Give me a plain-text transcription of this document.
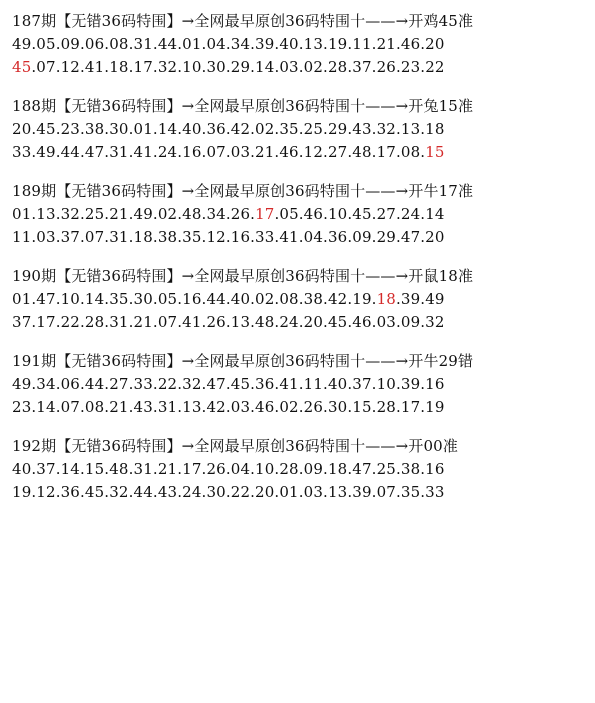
187期【无错36码特围】→全网最早原创36码特围十——→开鸡45准
49.05.09.06.08.31.44.01.04.34.39.40.13.19.11.21.46.20
45.07.12.41.18.17.32.10.30.29.14.03.02.28.37.26.23.22
188期【无错36码特围】→全网最早原创36码特围十——→开兔15准
20.45.23.38.30.01.14.40.36.42.02.35.25.29.43.32.13.18
33.49.44.47.31.41.24.16.07.03.21.46.12.27.48.17.08.15
189期【无错36码特围】→全网最早原创36码特围十——→开牛17准
01.13.32.25.21.49.02.48.34.26.17.05.46.10.45.27.24.14
11.03.37.07.31.18.38.35.12.16.33.41.04.36.09.29.47.20
190期【无错36码特围】→全网最早原创36码特围十——→开鼠18准
01.47.10.14.35.30.05.16.44.40.02.08.38.42.19.18.39.49
37.17.22.28.31.21.07.41.26.13.48.24.20.45.46.03.09.32
191期【无错36码特围】→全网最早原创36码特围十——→开牛29错
49.34.06.44.27.33.22.32.47.45.36.41.11.40.37.10.39.16
23.14.07.08.21.43.31.13.42.03.46.02.26.30.15.28.17.19
192期【无错36码特围】→全网最早原创36码特围十——→开00准
40.37.14.15.48.31.21.17.26.04.10.28.09.18.47.25.38.16
19.12.36.45.32.44.43.24.30.22.20.01.03.13.39.07.35.33
